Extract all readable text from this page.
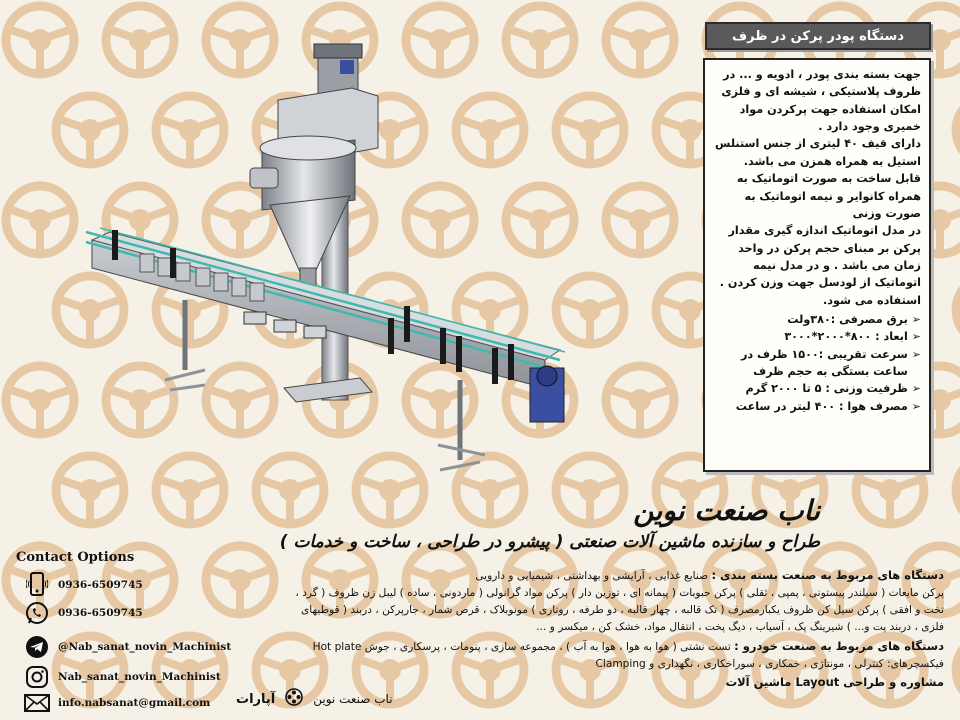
دستگاه پودر پرکن در ظرف

جهت بسته بندی پودر ، ادویه و ... در ظروف پلاستیکی ، شیشه ای و فلزی امکان استفاده جهت پرکردن مواد خمیری وجود دارد .

دارای قیف ۴۰ لیتری از جنس استنلس استیل به همراه همزن می باشد.

قابل ساخت به صورت اتوماتیک به همراه کانوایر و نیمه اتوماتیک به صورت وزنی

در مدل اتوماتیک اندازه گیری مقدار پرکن بر مبنای حجم پرکن در واحد زمان می باشد . و در مدل نیمه اتوماتیک از لودسل جهت وزن کردن . استفاده می شود.

➢
برق مصرفی :۳۸۰ولت
➢
ابعاد : ۸۰۰*۲۰۰۰*۳۰۰۰
➢
سرعت تقریبی :۱۵۰۰ ظرف در ساعت بستگی به حجم ظرف
➢
ظرفیت وزنی : ۵ تا ۲۰۰۰ گرم
➢
مصرف هوا : ۴۰۰ لیتر در ساعت
ناب صنعت نوین
طراح و سازنده ماشین آلات صنعتی ( پیشرو در طراحی ، ساخت و خدمات )
دستگاه های مربوط به صنعت بسته بندی : صنایع غذایی ، آرایشی و بهداشتی ، شیمیایی و دارویی
پرکن مایعات ( سیلندر پیستونی ، پمپی ، ثقلی ) پرکن حبوبات ( پیمانه ای ، توزین دار ) پرکن مواد گرانولی ( ماردونی ، ساده ) لیبل زن ظروف ( گرد ،
تخت و افقی ) پرکن سیل کن ظروف یکبارمصرف ( تک قالبه ، چهار قالبه ، دو طرفه ، روتاری ) مونوبلاک ، قرص شمار ، جارپرکن ، دربند ( قوطیهای
فلزی ، دربند پت و... ) شیرینگ پک ، آسیاب ، دیگ پخت ، انتقال مواد، خشک کن ، میکسر و ...
دستگاه های مربوط به صنعت خودرو : تست نشتی ( هوا به هوا ، هوا به آب ) ، مجموعه سازی ، پنومات ، پرسکاری ، جوش Hot plate
فیکسچرهای: کنترلی ، مونتاژی ، خمکاری ، سوراخکاری ، نگهداری و Clamping
مشاوره و طراحی Layout ماشین آلات
Contact Options
0936-6509745
0936-6509745
@Nab_sanat_novin_Machinist
Nab_sanat_novin_Machinist
info.nabsanat@gmail.com	ناب صنعت نوین
آپارات
